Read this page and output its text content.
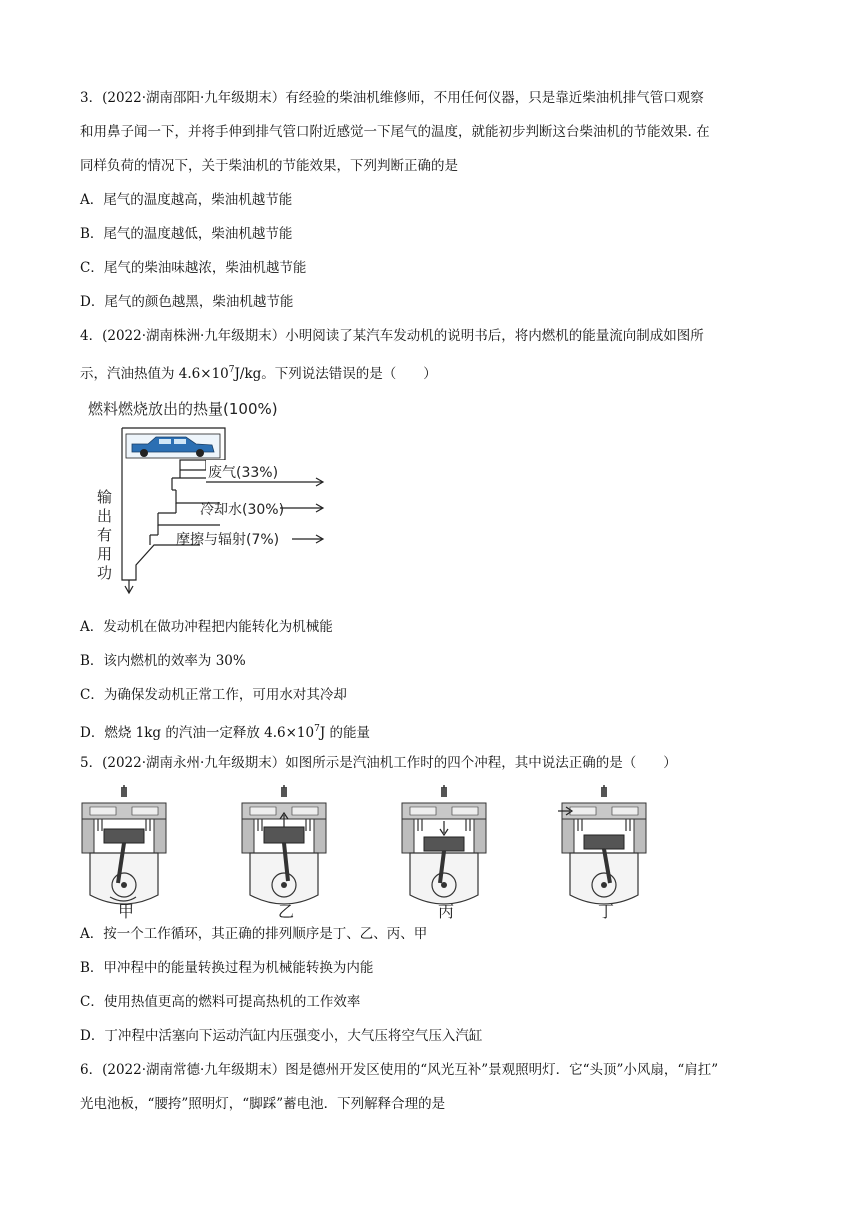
3．(2022·湖南邵阳·九年级期末）有经验的柴油机维修师，不用任何仪器，只是靠近柴油机排气管口观察
和用鼻子闻一下，并将手伸到排气管口附近感觉一下尾气的温度，就能初步判断这台柴油机的节能效果. 在
同样负荷的情况下，关于柴油机的节能效果，下列判断正确的是
A．尾气的温度越高，柴油机越节能
B．尾气的温度越低，柴油机越节能
C．尾气的柴油味越浓，柴油机越节能
D．尾气的颜色越黑，柴油机越节能
4．(2022·湖南株洲·九年级期末）小明阅读了某汽车发动机的说明书后，将内燃机的能量流向制成如图所
示，汽油热值为 $4.6\times 10^7J/kg$。下列说法错误的是（　　）
燃料燃烧放出的热量(100%)
废气(33%)
冷却水(30%)
摩擦与辐射(7%)
输
出
有
用
功
A．发动机在做功冲程把内能转化为机械能
B．该内燃机的效率为 30%
C．为确保发动机正常工作，可用水对其冷却
D．燃烧 1kg 的汽油一定释放 $4.6\times 10^7J$ 的能量
5．(2022·湖南永州·九年级期末）如图所示是汽油机工作时的四个冲程，其中说法正确的是（　　）
甲	乙	丙	丁
A．按一个工作循环，其正确的排列顺序是丁、乙、丙、甲
B．甲冲程中的能量转换过程为机械能转换为内能
C．使用热值更高的燃料可提高热机的工作效率
D．丁冲程中活塞向下运动汽缸内压强变小，大气压将空气压入汽缸
6．(2022·湖南常德·九年级期末）图是德州开发区使用的“风光互补”景观照明灯．它“头顶”小风扇，“肩扛”
光电池板，“腰挎”照明灯，“脚踩”蓄电池．下列解释合理的是
